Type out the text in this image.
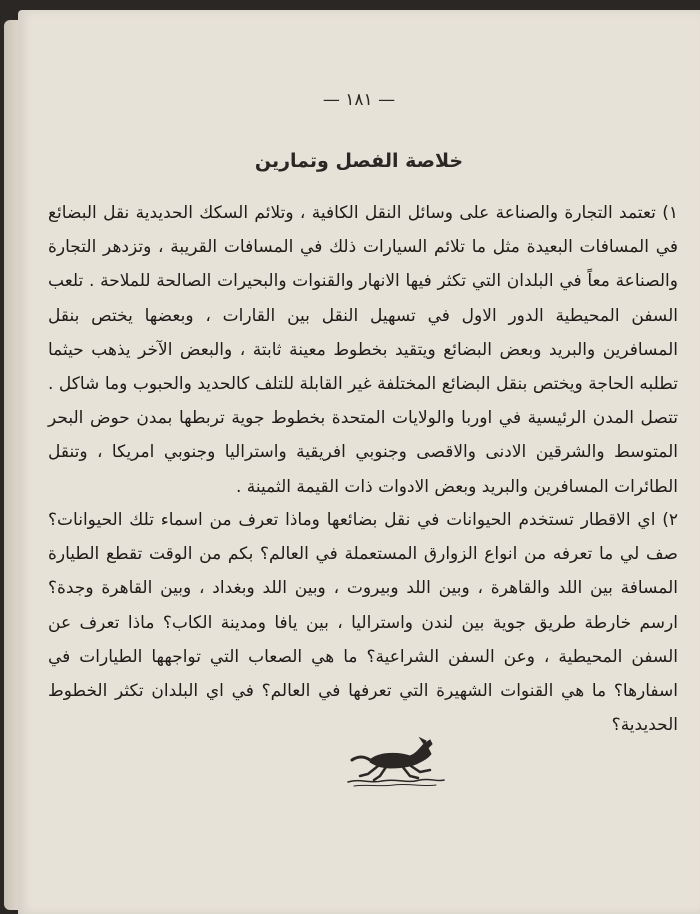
— ١٨١ —
خلاصة الفصل وتمارين
١) تعتمد التجارة والصناعة على وسائل النقل الكافية ، وتلائم السكك الحديدية نقل البضائع في المسافات البعيدة مثل ما تلائم السيارات ذلك في المسافات القريبة ، وتزدهر التجارة والصناعة معاً في البلدان التي تكثر فيها الانهار والقنوات والبحيرات الصالحة للملاحة . تلعب السفن المحيطية الدور الاول في تسهيل النقل بين القارات ، وبعضها يختص بنقل المسافرين والبريد وبعض البضائع ويتقيد بخطوط معينة ثابتة ، والبعض الآخر يذهب حيثما تطلبه الحاجة ويختص بنقل البضائع المختلفة غير القابلة للتلف كالحديد والحبوب وما شاكل . تتصل المدن الرئيسية في اوربا والولايات المتحدة بخطوط جوية تربطها بمدن حوض البحر المتوسط والشرقين الادنى والاقصى وجنوبي افريقية واستراليا وجنوبي امريكا ، وتنقل الطائرات المسافرين والبريد وبعض الادوات ذات القيمة الثمينة .
٢) اي الاقطار تستخدم الحيوانات في نقل بضائعها وماذا تعرف من اسماء تلك الحيوانات؟ صف لي ما تعرفه من انواع الزوارق المستعملة في العالم؟ بكم من الوقت تقطع الطيارة المسافة بين اللد والقاهرة ، وبين اللد وبيروت ، وبين اللد وبغداد ، وبين القاهرة وجدة؟ ارسم خارطة طريق جوية بين لندن واستراليا ، بين يافا ومدينة الكاب؟ ماذا تعرف عن السفن المحيطية ، وعن السفن الشراعية؟ ما هي الصعاب التي تواجهها الطيارات في اسفارها؟ ما هي القنوات الشهيرة التي تعرفها في العالم؟ في اي البلدان تكثر الخطوط الحديدية؟
